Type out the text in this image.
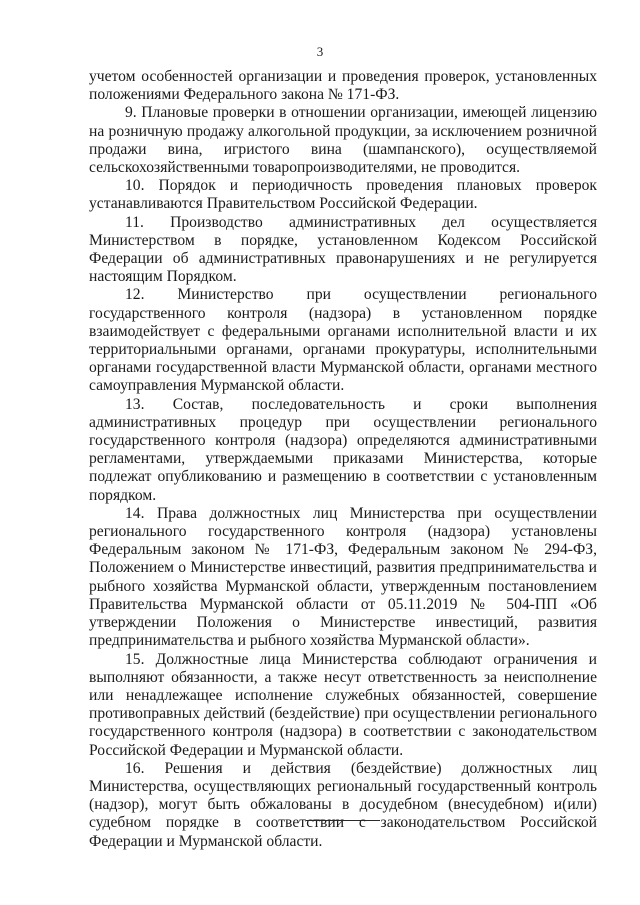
3

учетом особенностей организации и проведения проверок, установленных положениями Федерального закона № 171-ФЗ.

9. Плановые проверки в отношении организации, имеющей лицензию на розничную продажу алкогольной продукции, за исключением розничной продажи вина, игристого вина (шампанского), осуществляемой сельскохозяйственными товаропроизводителями, не проводится.

10. Порядок и периодичность проведения плановых проверок устанавливаются Правительством Российской Федерации.

11. Производство административных дел осуществляется Министерством в порядке, установленном Кодексом Российской Федерации об административных правонарушениях и не регулируется настоящим Порядком.

12. Министерство при осуществлении регионального государственного контроля (надзора) в установленном порядке взаимодействует с федеральными органами исполнительной власти и их территориальными органами, органами прокуратуры, исполнительными органами государственной власти Мурманской области, органами местного самоуправления Мурманской области.

13. Состав, последовательность и сроки выполнения административных процедур при осуществлении регионального государственного контроля (надзора) определяются административными регламентами, утверждаемыми приказами Министерства, которые подлежат опубликованию и размещению в соответствии с установленным порядком.

14. Права должностных лиц Министерства при осуществлении регионального государственного контроля (надзора) установлены Федеральным законом № 171-ФЗ, Федеральным законом № 294-ФЗ, Положением о Министерстве инвестиций, развития предпринимательства и рыбного хозяйства Мурманской области, утвержденным постановлением Правительства Мурманской области от 05.11.2019 № 504-ПП «Об утверждении Положения о Министерстве инвестиций, развития предпринимательства и рыбного хозяйства Мурманской области».

15. Должностные лица Министерства соблюдают ограничения и выполняют обязанности, а также несут ответственность за неисполнение или ненадлежащее исполнение служебных обязанностей, совершение противоправных действий (бездействие) при осуществлении регионального государственного контроля (надзора) в соответствии с законодательством Российской Федерации и Мурманской области.

16. Решения и действия (бездействие) должностных лиц Министерства, осуществляющих региональный государственный контроль (надзор), могут быть обжалованы в досудебном (внесудебном) и(или) судебном порядке в соответствии с законодательством Российской Федерации и Мурманской области.
